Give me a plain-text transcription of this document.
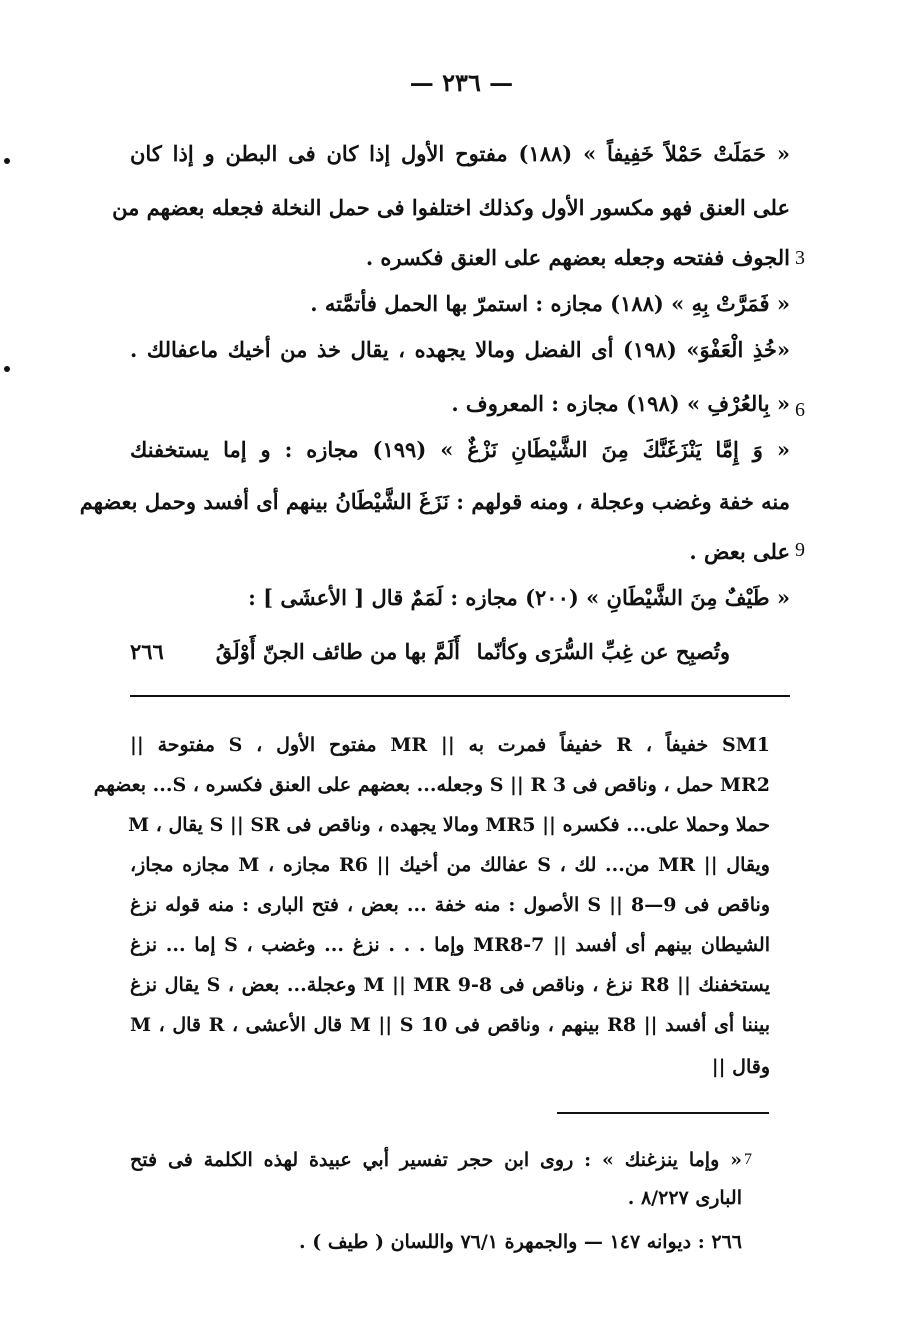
— ٢٣٦ —
« حَمَلَتْ حَمْلاً خَفِيفاً » (١٨٨) مفتوح الأول إذا كان فى البطن و إذا كان
على العنق فهو مكسور الأول وكذلك اختلفوا فى حمل النخلة فجعله بعضهم من
الجوف ففتحه وجعله بعضهم على العنق فكسره .
« فَمَرَّتْ بِهِ » (١٨٨) مجازه : استمرّ بها الحمل فأتمَّته .
«خُذِ الْعَفْوَ» (١٩٨) أى الفضل ومالا يجهده ، يقال خذ من أخيك ماعفالك .
« بِالعُرْفِ » (١٩٨) مجازه : المعروف .
« وَ إِمَّا يَنْزَغَنَّكَ مِنَ الشَّيْطَانِ نَزْغٌ » (١٩٩) مجازه : و إما يستخفنك
منه خفة وغضب وعجلة ، ومنه قولهم : نَزَغَ الشَّيْطَانُ بينهم أى أفسد وحمل بعضهم
على بعض .
« طَيْفٌ مِنَ الشَّيْطَانِ » (٢٠٠) مجازه : لَمَمٌ قال [ الأعشَى ] :
3
6
9
وتُصبِح عن غِبِّ السُّرَى وكأنّما
أَلَمَّ بها من طائف الجنّ أَوْلَقُ
٢٦٦
SM1 خفيفاً ، R خفيفاً فمرت به || MR مفتوح الأول ، S مفتوحة ||
MR2 حمل ، وناقص فى S || R 3 وجعله... بعضهم على العنق فكسره ، S... بعضهم
حملا وحملا على... فكسره || MR5 ومالا يجهده ، وناقص فى S || SR يقال ، M
ويقال || MR من... لك ، S عفالك من أخيك || R6 مجازه ، M مجازه مجاز،
وناقص فى S || 8—9 الأصول : منه خفة ... بعض ، فتح البارى : منه قوله نزغ
الشيطان بينهم أى أفسد || MR8-7 وإما . . . نزغ ... وغضب ، S إما ... نزغ
يستخفنك || R8 نزغ ، وناقص فى M || MR 9-8 وعجلة... بعض ، S يقال نزغ
بيننا أى أفسد || R8 بينهم ، وناقص فى M || S 10 قال الأعشى ، R قال ، M
وقال ||
« وإما ينزغنك » : روى ابن حجر تفسير أبي عبيدة لهذه الكلمة فى فتح
البارى ٨/٢٢٧ .
7
٢٦٦ : ديوانه ١٤٧ — والجمهرة ٧٦/١ واللسان ( طيف ) .
